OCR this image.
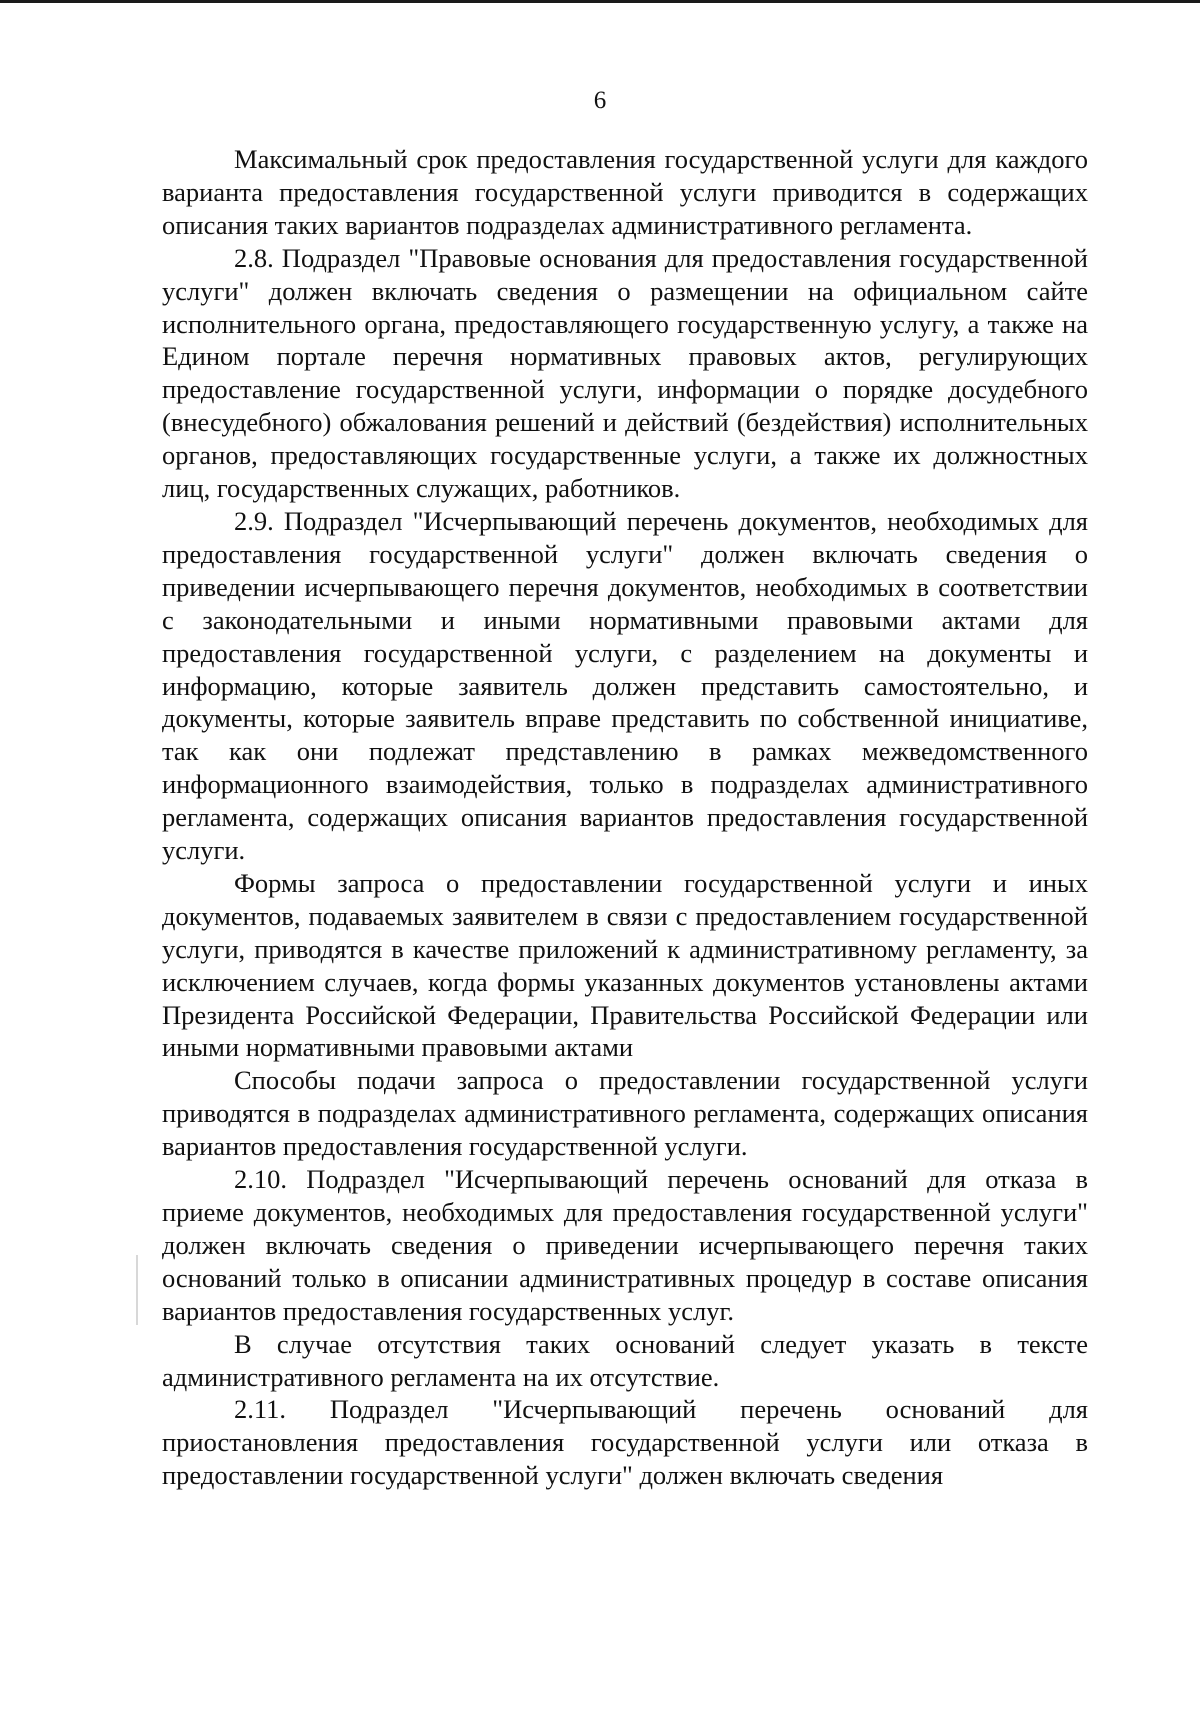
6

Максимальный срок предоставления государственной услуги для каждого варианта предоставления государственной услуги приводится в содержащих описания таких вариантов подразделах административного регламента.

2.8. Подраздел "Правовые основания для предоставления государственной услуги" должен включать сведения о размещении на официальном сайте исполнительного органа, предоставляющего государственную услугу, а также на Едином портале перечня нормативных правовых актов, регулирующих предоставление государственной услуги, информации о порядке досудебного (внесудебного) обжалования решений и действий (бездействия) исполнительных органов, предоставляющих государственные услуги, а также их должностных лиц, государственных служащих, работников.

2.9. Подраздел "Исчерпывающий перечень документов, необходимых для предоставления государственной услуги" должен включать сведения о приведении исчерпывающего перечня документов, необходимых в соответствии с законодательными и иными нормативными правовыми актами для предоставления государственной услуги, с разделением на документы и информацию, которые заявитель должен представить самостоятельно, и документы, которые заявитель вправе представить по собственной инициативе, так как они подлежат представлению в рамках межведомственного информационного взаимодействия, только в подразделах административного регламента, содержащих описания вариантов предоставления государственной услуги.

Формы запроса о предоставлении государственной услуги и иных документов, подаваемых заявителем в связи с предоставлением государственной услуги, приводятся в качестве приложений к административному регламенту, за исключением случаев, когда формы указанных документов установлены актами Президента Российской Федерации, Правительства Российской Федерации или иными нормативными правовыми актами

Способы подачи запроса о предоставлении государственной услуги приводятся в подразделах административного регламента, содержащих описания вариантов предоставления государственной услуги.

2.10. Подраздел "Исчерпывающий перечень оснований для отказа в приеме документов, необходимых для предоставления государственной услуги" должен включать сведения о приведении исчерпывающего перечня таких оснований только в описании административных процедур в составе описания вариантов предоставления государственных услуг.

В случае отсутствия таких оснований следует указать в тексте административного регламента на их отсутствие.

2.11. Подраздел "Исчерпывающий перечень оснований для приостановления предоставления государственной услуги или отказа в предоставлении государственной услуги" должен включать сведения
